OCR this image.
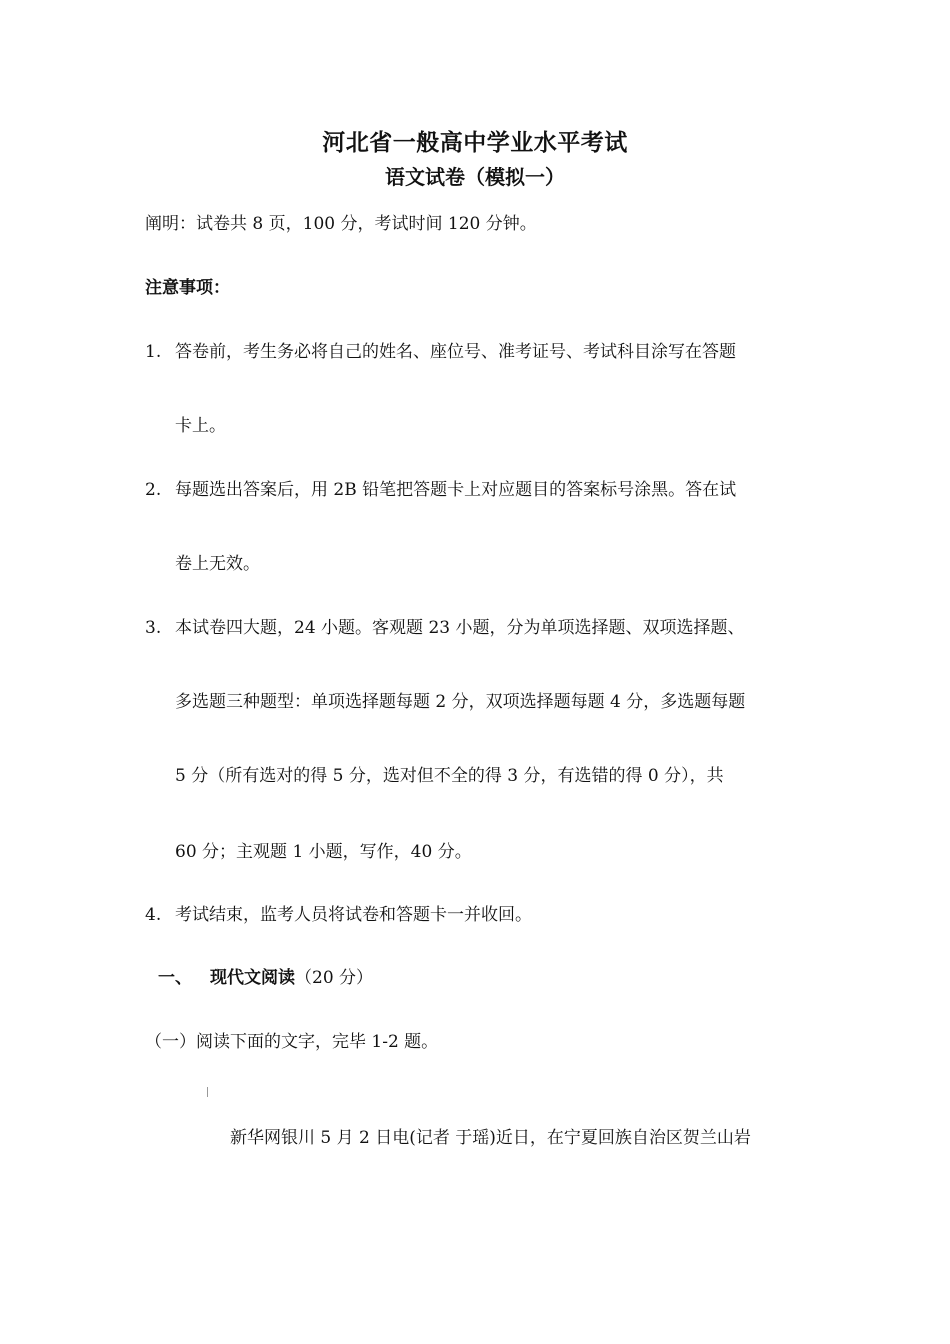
河北省一般高中学业水平考试
语文试卷（模拟一）
阐明：试卷共 8 页，100 分，考试时间 120 分钟。
注意事项：
1. 答卷前，考生务必将自己的姓名、座位号、准考证号、考试科目涂写在答题
卡上。
2. 每题选出答案后，用 2B 铅笔把答题卡上对应题目的答案标号涂黑。答在试
卷上无效。
3. 本试卷四大题，24 小题。客观题 23 小题，分为单项选择题、双项选择题、
多选题三种题型：单项选择题每题 2 分，双项选择题每题 4 分，多选题每题
5 分（所有选对的得 5 分，选对但不全的得 3 分，有选错的得 0 分），共
60 分；主观题 1 小题，写作，40 分。
4. 考试结束，监考人员将试卷和答题卡一并收回。
一、 现代文阅读（20 分）
（一）阅读下面的文字，完毕 1-2 题。
新华网银川 5 月 2 日电(记者 于瑶)近日，在宁夏回族自治区贺兰山岩
